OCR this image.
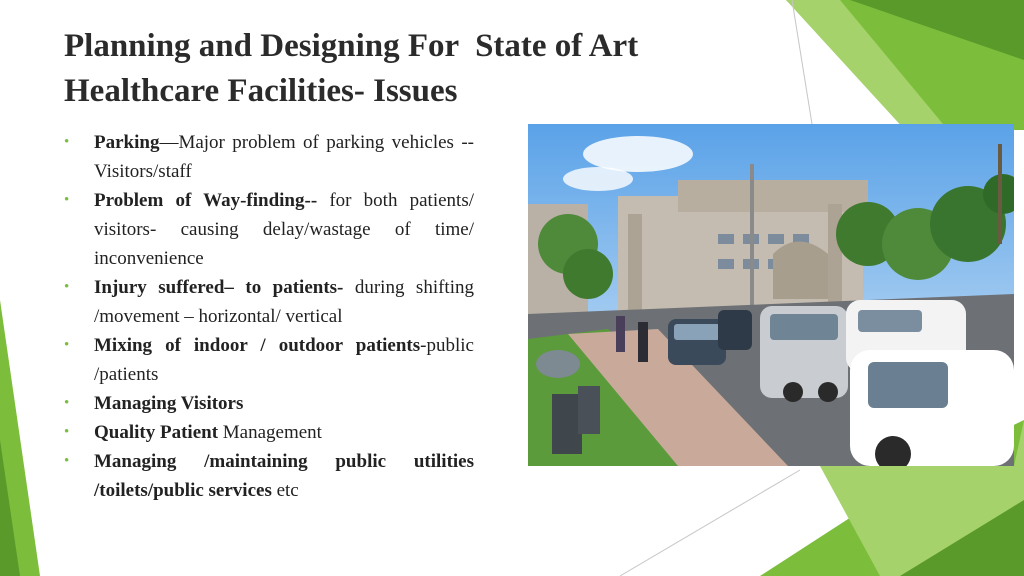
Planning and Designing For  State of Art
Healthcare Facilities- Issues
• Parking—Major problem of parking vehicles -- Visitors/staff
• Problem of Way-finding-- for both patients/ visitors- causing delay/wastage of time/ inconvenience
• Injury suffered– to patients- during shifting /movement – horizontal/ vertical
• Mixing of indoor / outdoor patients-public /patients
• Managing Visitors
• Quality Patient Management
• Managing /maintaining public utilities /toilets/public services etc
